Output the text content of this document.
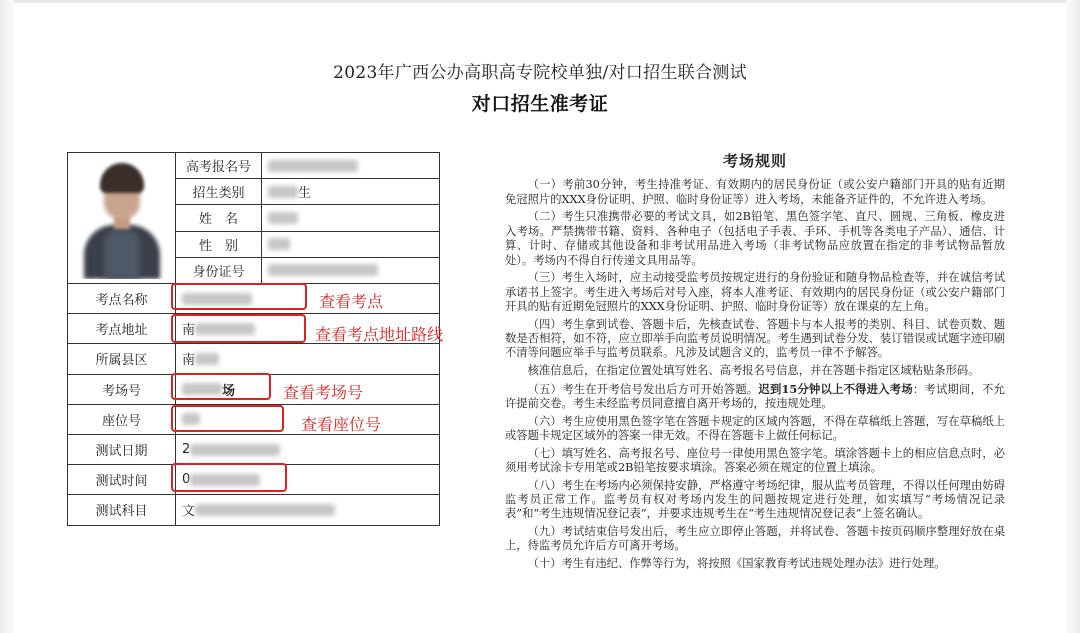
2023年广西公办高职高专院校单独/对口招生联合测试
对口招生准考证
	高考报名号	
	招生类别	生
	姓　名	
	性　别	
	身份证号	
考点名称		
考点地址	南	
所属县区	南	
考场号	场	
座位号		
测试日期	2	
测试时间	0	
测试科目	文	
查看考点
查看考点地址路线
查看考场号
查看座位号
考场规则

（一）考前30分钟，考生持准考证、有效期内的居民身份证（或公安户籍部门开具的贴有近期免冠照片的XXX身份证明、护照、临时身份证等）进入考场，未能备齐证件的，不允许进入考场。

（二）考生只准携带必要的考试文具，如2B铅笔、黑色签字笔、直尺、圆规、三角板、橡皮进入考场。严禁携带书籍、资料、各种电子（包括电子手表、手环、手机等各类电子产品）、通信、计算、计时、存储或其他设备和非考试用品进入考场（非考试物品应放置在指定的非考试物品暂放处）。考场内不得自行传递文具用品等。

（三）考生入场时，应主动接受监考员按规定进行的身份验证和随身物品检查等，并在诚信考试承诺书上签字。考生进入考场后对号入座，将本人准考证、有效期内的居民身份证（或公安户籍部门开具的贴有近期免冠照片的XXX身份证明、护照、临时身份证等）放在课桌的左上角。

（四）考生拿到试卷、答题卡后，先核查试卷、答题卡与本人报考的类别、科目、试卷页数、题数是否相符，如不符，应立即举手向监考员说明情况。考生遇到试卷分发、装订错误或试题字迹印刷不清等问题应举手与监考员联系。凡涉及试题含义的，监考员一律不予解答。

核准信息后，在指定位置处填写姓名、高考报名号信息，并在答题卡指定区域粘贴条形码。

（五）考生在开考信号发出后方可开始答题。迟到15分钟以上不得进入考场：考试期间，不允许提前交卷。考生未经监考员同意擅自离开考场的，按违规处理。

（六）考生应使用黑色签字笔在答题卡规定的区域内答题，不得在草稿纸上答题，写在草稿纸上或答题卡规定区域外的答案一律无效。不得在答题卡上做任何标记。

（七）填写姓名、高考报名号、座位号一律使用黑色签字笔。填涂答题卡上的相应信息点时，必须用考试涂卡专用笔或2B铅笔按要求填涂。答案必须在规定的位置上填涂。

（八）考生在考场内必须保持安静，严格遵守考场纪律，服从监考员管理，不得以任何理由妨碍监考员正常工作。监考员有权对考场内发生的问题按规定进行处理，如实填写“考场情况记录表”和“考生违规情况登记表”，并要求违规考生在“考生违规情况登记表”上签名确认。

（九）考试结束信号发出后，考生应立即停止答题，并将试卷、答题卡按页码顺序整理好放在桌上，待监考员允许后方可离开考场。

（十）考生有违纪、作弊等行为，将按照《国家教育考试违规处理办法》进行处理。
